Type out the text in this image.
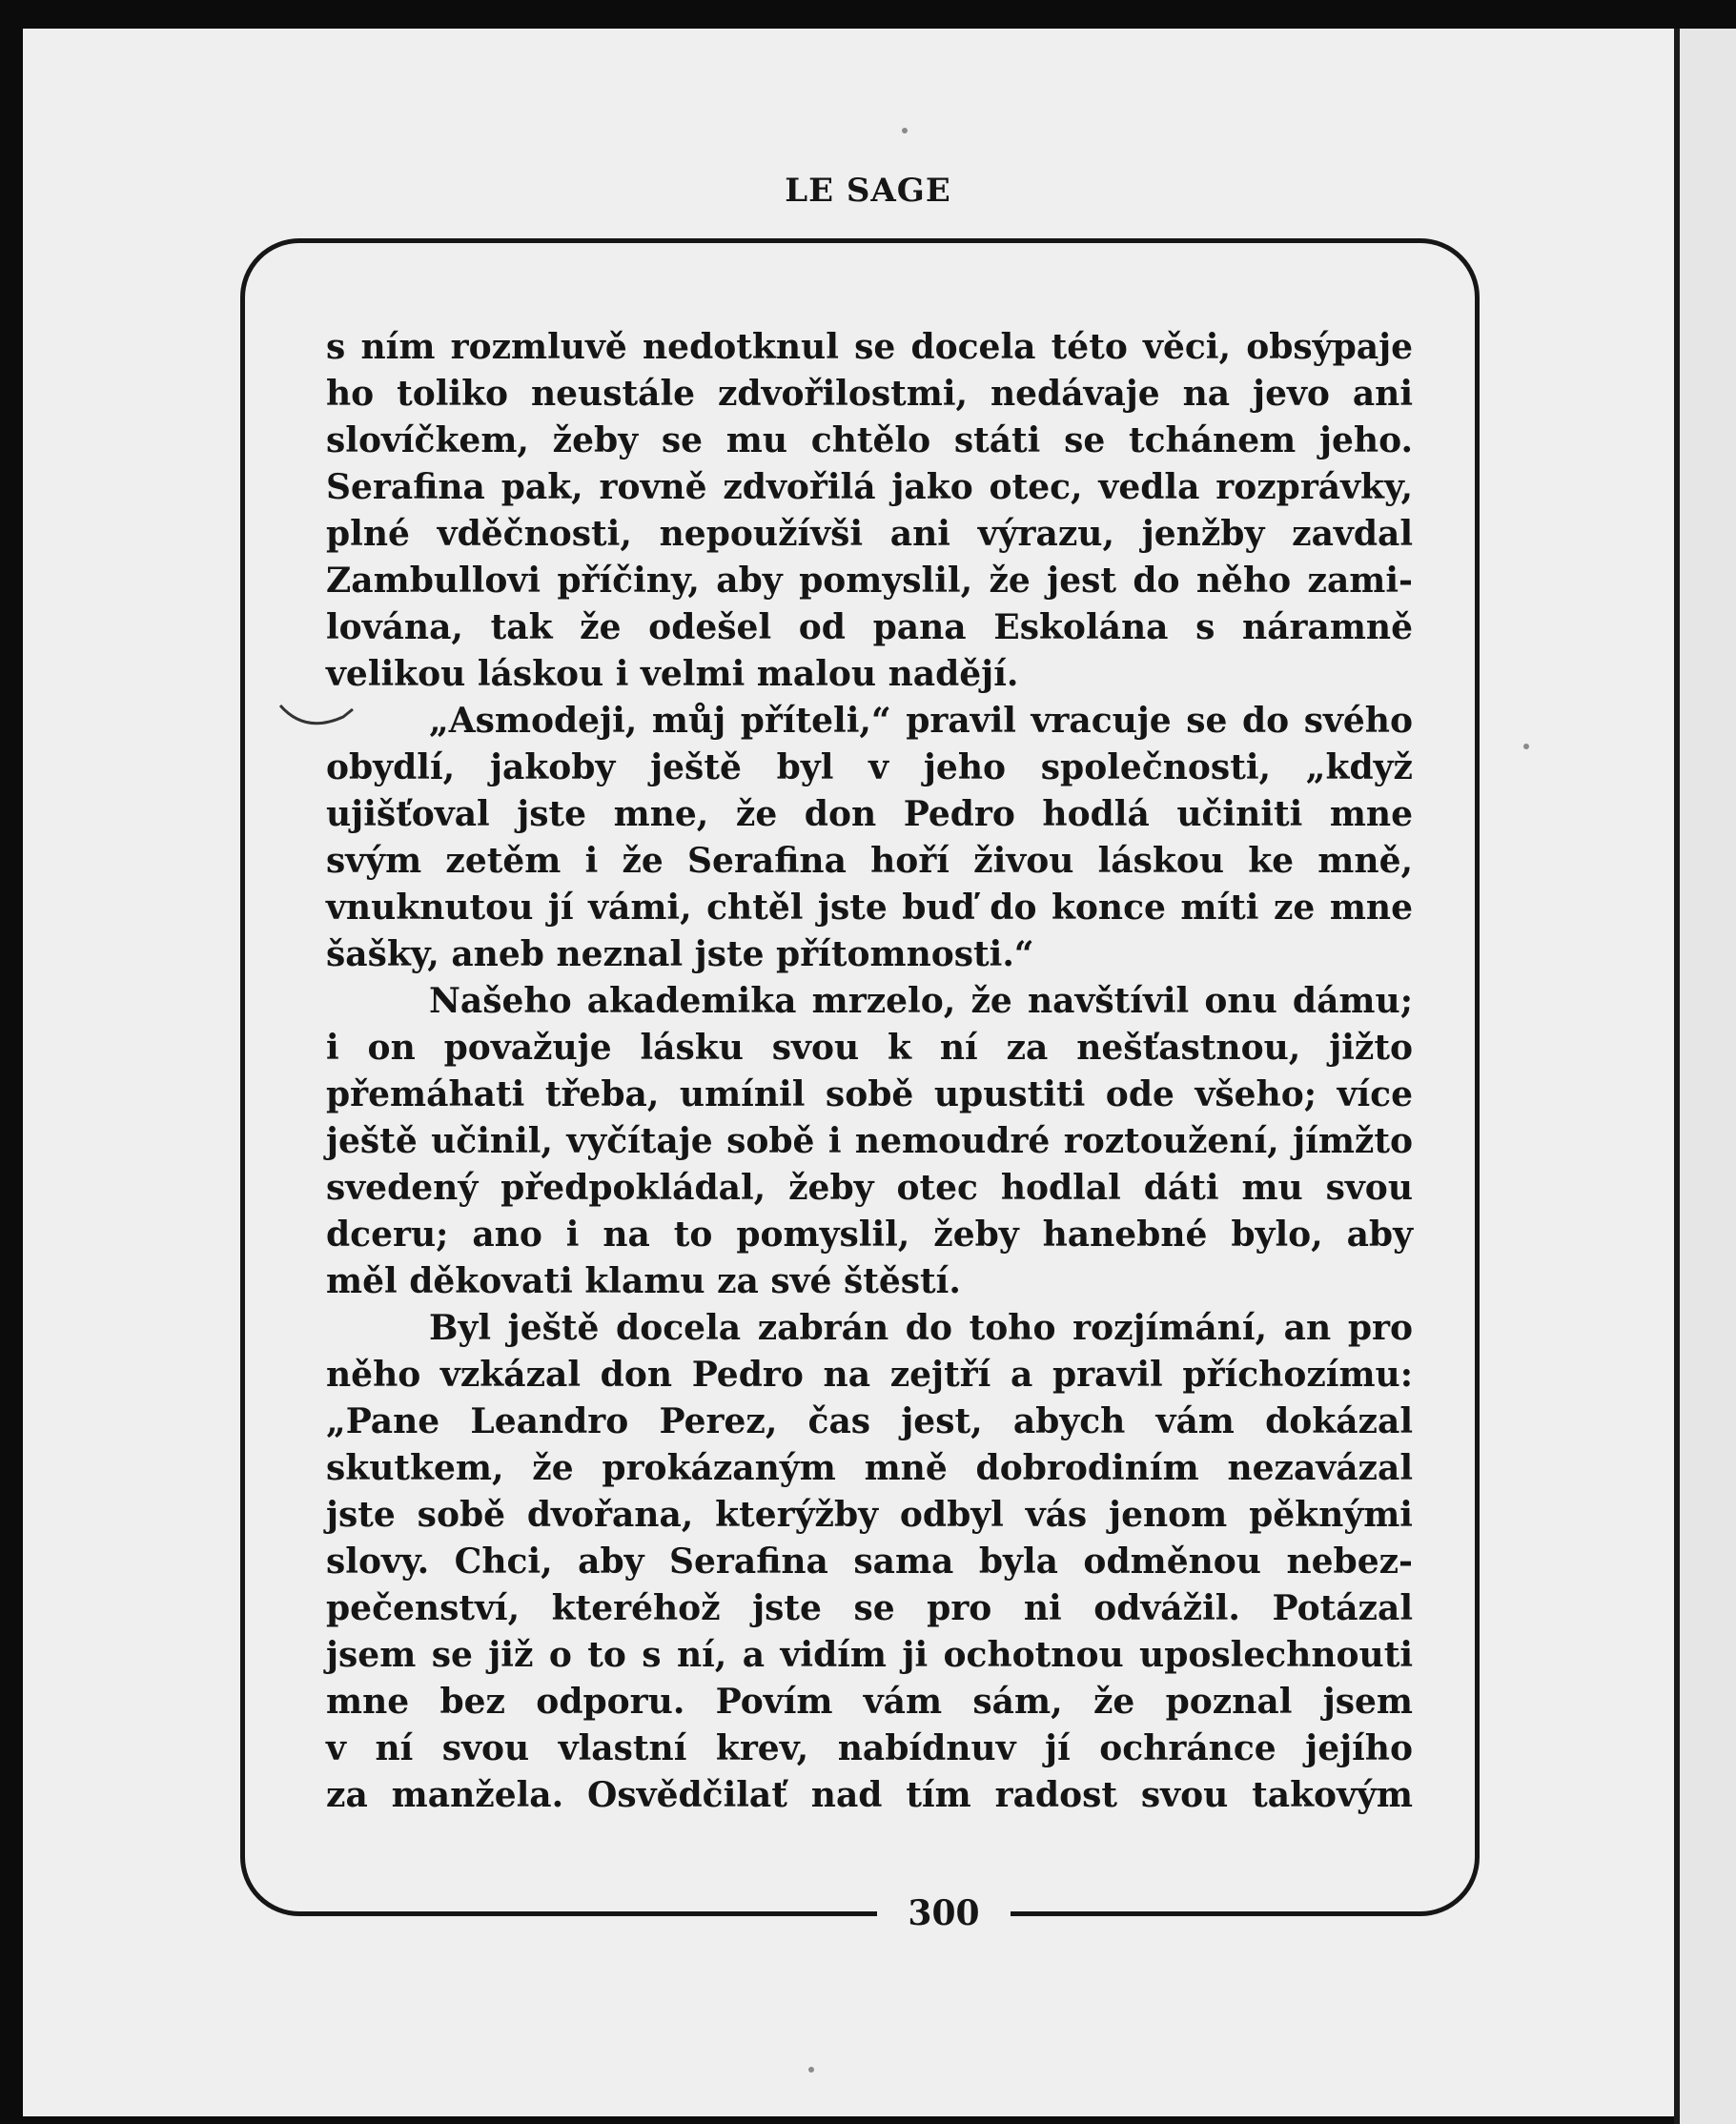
LE SAGE
300
s ním rozmluvě nedotknul se docela této věci, obsýpaje
ho toliko neustále zdvořilostmi, nedávaje na jevo ani
slovíčkem, žeby se mu chtělo státi se tchánem jeho.
Serafina pak, rovně zdvořilá jako otec, vedla rozprávky,
plné vděčnosti, nepoužívši ani výrazu, jenžby zavdal
Zambullovi příčiny, aby pomyslil, že jest do něho zami-
lována, tak že odešel od pana Eskolána s náramně
velikou láskou i velmi malou nadějí.
„Asmodeji, můj příteli,“ pravil vracuje se do svého
obydlí, jakoby ještě byl v jeho společnosti, „když
ujišťoval jste mne, že don Pedro hodlá učiniti mne
svým zetěm i že Serafina hoří živou láskou ke mně,
vnuknutou jí vámi, chtěl jste buď do konce míti ze mne
šašky, aneb neznal jste přítomnosti.“
Našeho akademika mrzelo, že navštívil onu dámu;
i on považuje lásku svou k ní za nešťastnou, jižto
přemáhati třeba, umínil sobě upustiti ode všeho; více
ještě učinil, vyčítaje sobě i nemoudré roztoužení, jímžto
svedený předpokládal, žeby otec hodlal dáti mu svou
dceru; ano i na to pomyslil, žeby hanebné bylo, aby
měl děkovati klamu za své štěstí.
Byl ještě docela zabrán do toho rozjímání, an pro
něho vzkázal don Pedro na zejtří a pravil příchozímu:
„Pane Leandro Perez, čas jest, abych vám dokázal
skutkem, že prokázaným mně dobrodiním nezavázal
jste sobě dvořana, kterýžby odbyl vás jenom pěknými
slovy. Chci, aby Serafina sama byla odměnou nebez-
pečenství, kteréhož jste se pro ni odvážil. Potázal
jsem se již o to s ní, a vidím ji ochotnou uposlechnouti
mne bez odporu. Povím vám sám, že poznal jsem
v ní svou vlastní krev, nabídnuv jí ochránce jejího
za manžela. Osvědčilať nad tím radost svou takovým
